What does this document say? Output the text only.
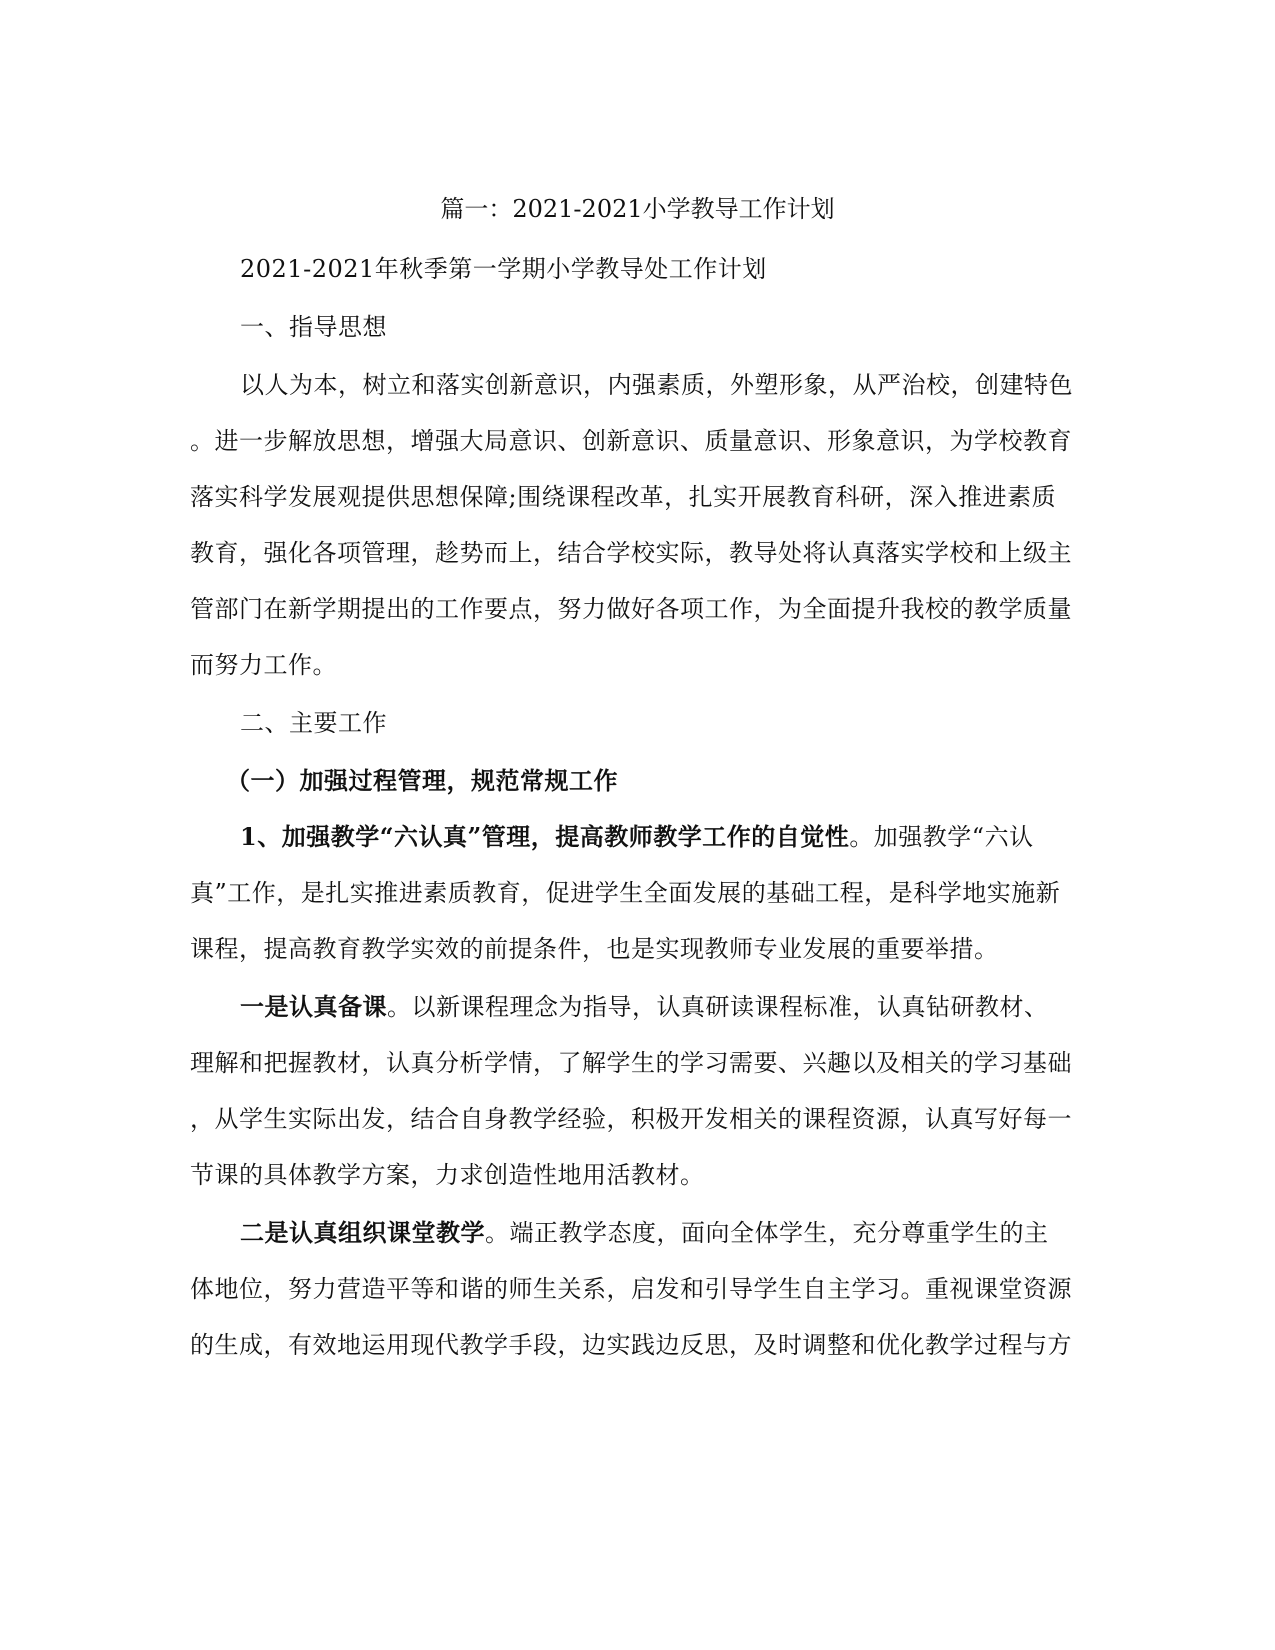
篇一：2021-2021小学教导工作计划
2021-2021年秋季第一学期小学教导处工作计划
一、指导思想
以人为本，树立和落实创新意识，内强素质，外塑形象，从严治校，创建特色
。进一步解放思想，增强大局意识、创新意识、质量意识、形象意识，为学校教育
落实科学发展观提供思想保障;围绕课程改革，扎实开展教育科研，深入推进素质
教育，强化各项管理，趁势而上，结合学校实际，教导处将认真落实学校和上级主
管部门在新学期提出的工作要点，努力做好各项工作，为全面提升我校的教学质量
而努力工作。
二、主要工作
（一）加强过程管理，规范常规工作
1、加强教学“六认真”管理，提高教师教学工作的自觉性。加强教学“六认
真”工作，是扎实推进素质教育，促进学生全面发展的基础工程，是科学地实施新
课程，提高教育教学实效的前提条件，也是实现教师专业发展的重要举措。
一是认真备课。以新课程理念为指导，认真研读课程标准，认真钻研教材、
理解和把握教材，认真分析学情，了解学生的学习需要、兴趣以及相关的学习基础
，从学生实际出发，结合自身教学经验，积极开发相关的课程资源，认真写好每一
节课的具体教学方案，力求创造性地用活教材。
二是认真组织课堂教学。端正教学态度，面向全体学生，充分尊重学生的主
体地位，努力营造平等和谐的师生关系，启发和引导学生自主学习。重视课堂资源
的生成，有效地运用现代教学手段，边实践边反思，及时调整和优化教学过程与方
